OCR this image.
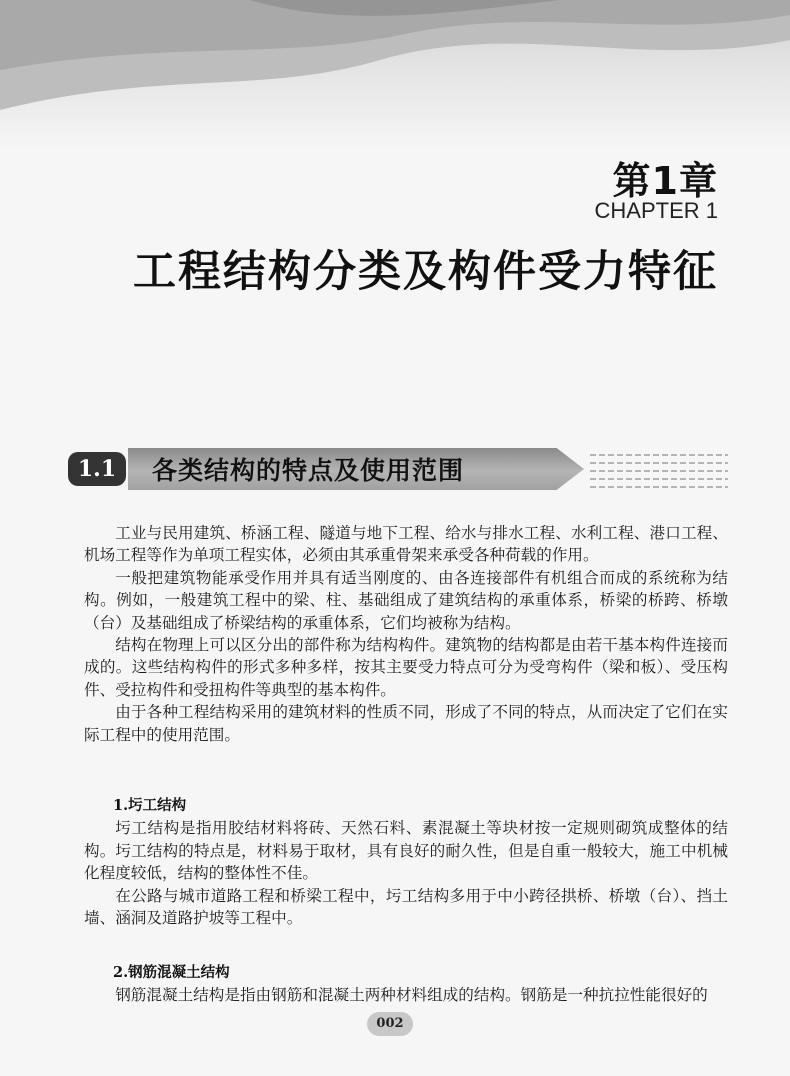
第1章
CHAPTER 1
工程结构分类及构件受力特征
1.1	各类结构的特点及使用范围

工业与民用建筑、桥涵工程、隧道与地下工程、给水与排水工程、水利工程、港口工程、机场工程等作为单项工程实体，必须由其承重骨架来承受各种荷载的作用。

一般把建筑物能承受作用并具有适当刚度的、由各连接部件有机组合而成的系统称为结构。例如，一般建筑工程中的梁、柱、基础组成了建筑结构的承重体系，桥梁的桥跨、桥墩（台）及基础组成了桥梁结构的承重体系，它们均被称为结构。

结构在物理上可以区分出的部件称为结构构件。建筑物的结构都是由若干基本构件连接而成的。这些结构构件的形式多种多样，按其主要受力特点可分为受弯构件（梁和板）、受压构件、受拉构件和受扭构件等典型的基本构件。

由于各种工程结构采用的建筑材料的性质不同，形成了不同的特点，从而决定了它们在实际工程中的使用范围。

1.圬工结构

圬工结构是指用胶结材料将砖、天然石料、素混凝土等块材按一定规则砌筑成整体的结构。圬工结构的特点是，材料易于取材，具有良好的耐久性，但是自重一般较大，施工中机械化程度较低，结构的整体性不佳。

在公路与城市道路工程和桥梁工程中，圬工结构多用于中小跨径拱桥、桥墩（台）、挡土墙、涵洞及道路护坡等工程中。

2.钢筋混凝土结构

钢筋混凝土结构是指由钢筋和混凝土两种材料组成的结构。钢筋是一种抗拉性能很好的

002
